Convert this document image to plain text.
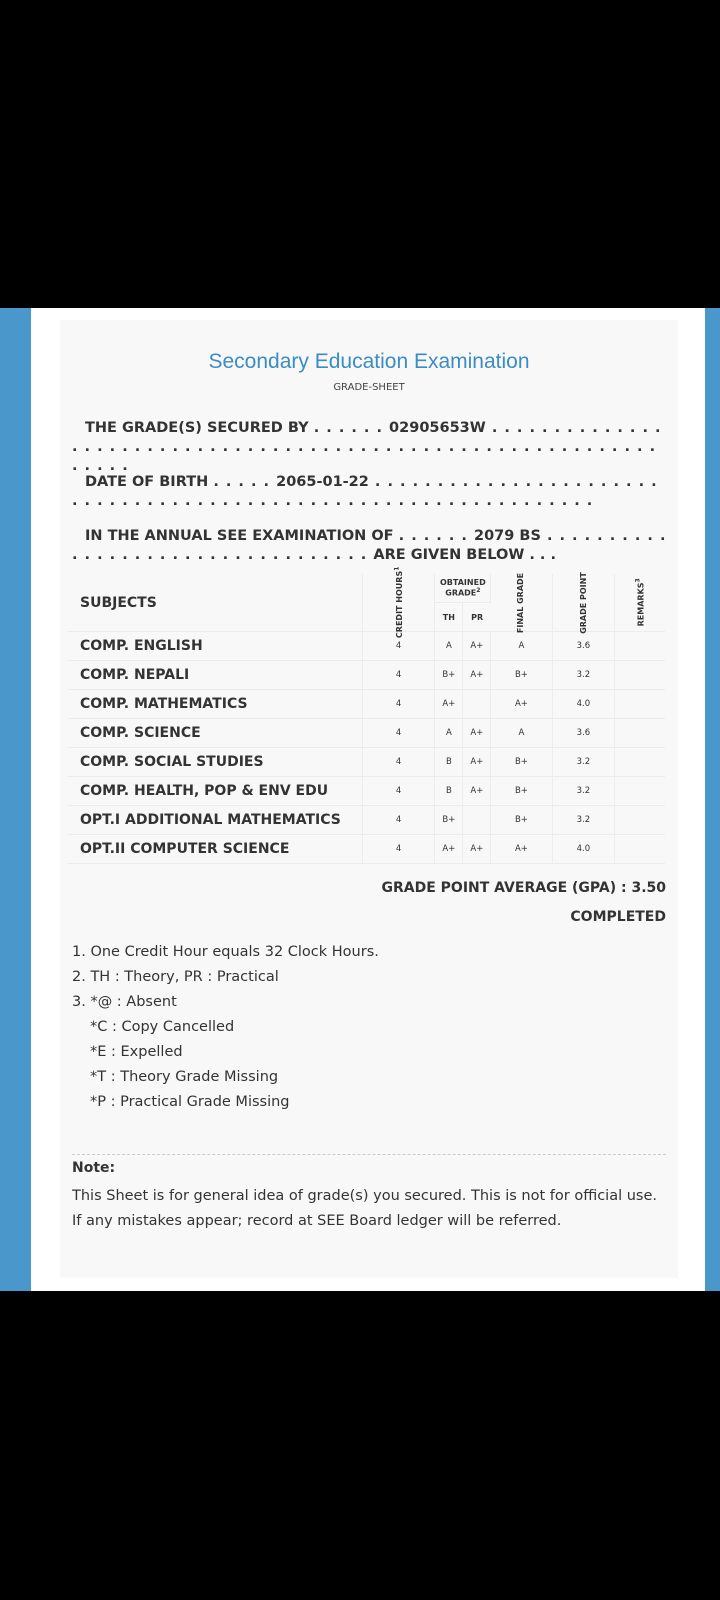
Secondary Education Examination
GRADE-SHEET
THE GRADE(S) SECURED BY . . . . . . 02905653W . . . . . . . . . . . . . . . . . . . . . . . . . . . . . . . . . . . . . . . . . . . . . . . . . . . . . . . . . . . . . . . . . .
DATE OF BIRTH . . . . . 2065-01-22 . . . . . . . . . . . . . . . . . . . . . . . . . . . . . . . . . . . . . . . . . . . . . . . . . . . . . . . . . . . . . . . . .
IN THE ANNUAL SEE EXAMINATION OF . . . . . . 2079 BS . . . . . . . . . . . . . . . . . . . . . . . . . . . . . . . . . . ARE GIVEN BELOW . . .
SUBJECTS	CREDIT HOURS$^1$	OBTAINED GRADE$^2$		FINAL GRADE	GRADE POINT	REMARKS$^3$
		TH	PR			
COMP. ENGLISH	4	A	A+	A	3.6	
COMP. NEPALI	4	B+	A+	B+	3.2	
COMP. MATHEMATICS	4	A+		A+	4.0	
COMP. SCIENCE	4	A	A+	A	3.6	
COMP. SOCIAL STUDIES	4	B	A+	B+	3.2	
COMP. HEALTH, POP & ENV EDU	4	B	A+	B+	3.2	
OPT.I ADDITIONAL MATHEMATICS	4	B+		B+	3.2	
OPT.II COMPUTER SCIENCE	4	A+	A+	A+	4.0	
GRADE POINT AVERAGE (GPA) : 3.50
COMPLETED
1. One Credit Hour equals 32 Clock Hours.
2. TH : Theory, PR : Practical
3. *@ : Absent
*C : Copy Cancelled
*E : Expelled
*T : Theory Grade Missing
*P : Practical Grade Missing
Note:
This Sheet is for general idea of grade(s) you secured. This is not for official use. If any mistakes appear; record at SEE Board ledger will be referred.
